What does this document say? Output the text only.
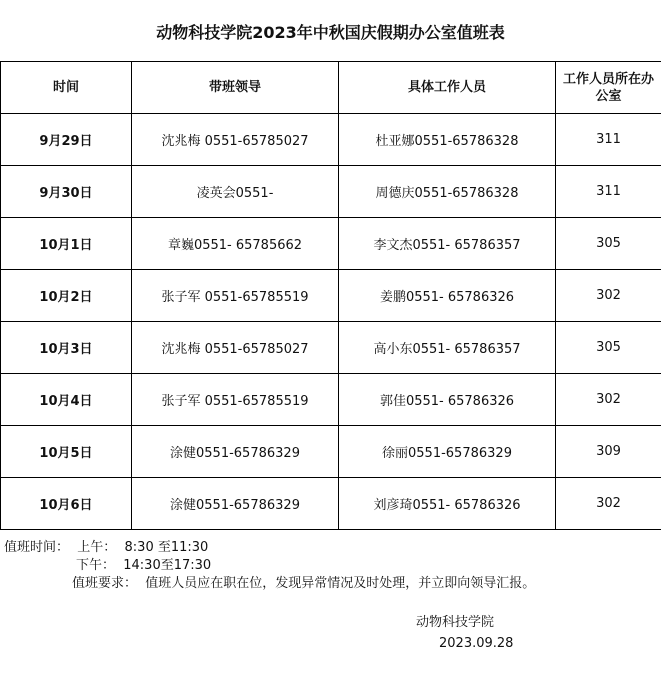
动物科技学院2023年中秋国庆假期办公室值班表
时间	带班领导	具体工作人员	工作人员所在办公室

9月29日	沈兆梅 0551-65785027	杜亚娜0551-65786328	311
9月30日	凌英会0551-	周德庆0551-65786328	311
10月1日	章巍0551- 65785662	李文杰0551- 65786357	305
10月2日	张子军 0551-65785519	姜鹏0551- 65786326	302
10月3日	沈兆梅 0551-65785027	高小东0551- 65786357	305
10月4日	张子军 0551-65785519	郭佳0551- 65786326	302
10月5日	涂健0551-65786329	徐丽0551-65786329	309
10月6日	涂健0551-65786329	刘彦琦0551- 65786326	302
值班时间：  上午：  8:30 至11:30
下午：  14:30至17:30
值班要求：  值班人员应在职在位，发现异常情况及时处理，并立即向领导汇报。
动物科技学院
2023.09.28
